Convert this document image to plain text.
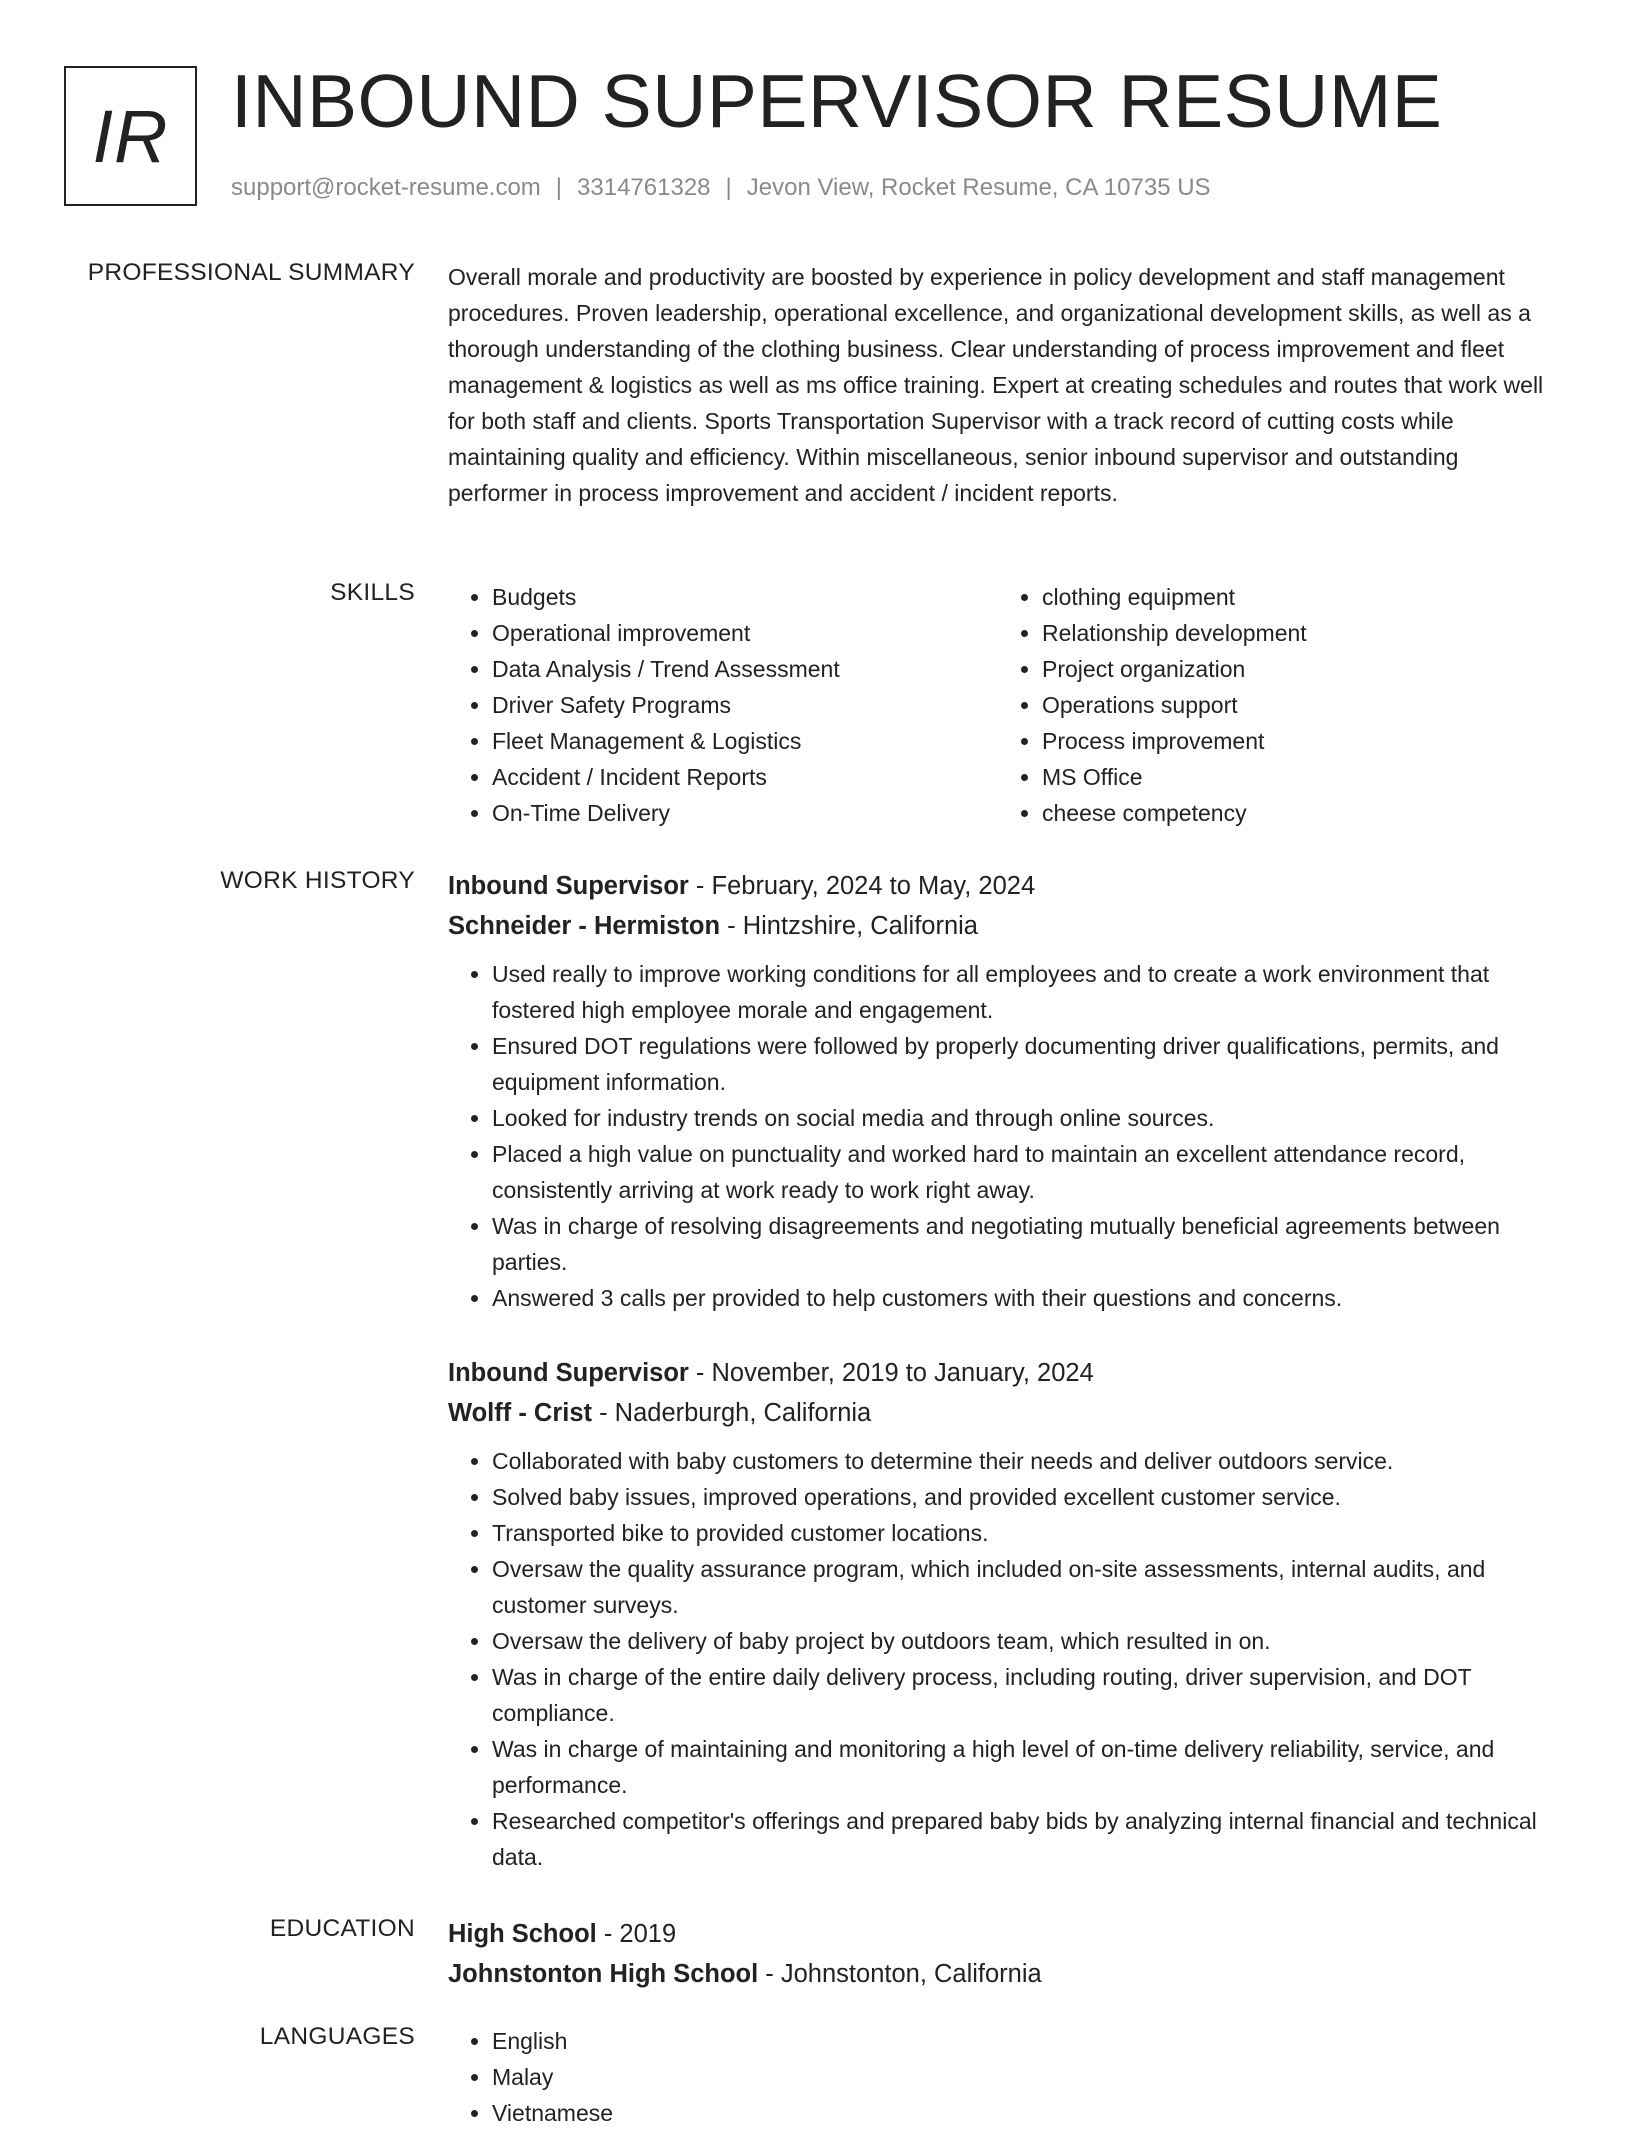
IR INBOUND SUPERVISOR RESUME
support@rocket-resume.com | 3314761328 | Jevon View, Rocket Resume, CA 10735 US
PROFESSIONAL SUMMARY Overall morale and productivity are boosted by experience in policy development and staff management procedures. Proven leadership, operational excellence, and organizational development skills, as well as a thorough understanding of the clothing business. Clear understanding of process improvement and fleet management & logistics as well as ms office training. Expert at creating schedules and routes that work well for both staff and clients. Sports Transportation Supervisor with a track record of cutting costs while maintaining quality and efficiency. Within miscellaneous, senior inbound supervisor and outstanding performer in process improvement and accident / incident reports.

SKILLS	• Budgets
• Operational improvement
• Data Analysis / Trend Assessment
• Driver Safety Programs
• Fleet Management & Logistics
• Accident / Incident Reports
• On-Time Delivery
• clothing equipment
• Relationship development
• Project organization
• Operations support
• Process improvement
• MS Office
• cheese competency
WORK HISTORY Inbound Supervisor - February, 2024 to May, 2024
Schneider - Hermiston - Hintzshire, California
• Used really to improve working conditions for all employees and to create a work environment that fostered high employee morale and engagement.
• Ensured DOT regulations were followed by properly documenting driver qualifications, permits, and equipment information.
• Looked for industry trends on social media and through online sources.
• Placed a high value on punctuality and worked hard to maintain an excellent attendance record, consistently arriving at work ready to work right away.
• Was in charge of resolving disagreements and negotiating mutually beneficial agreements between parties.
• Answered 3 calls per provided to help customers with their questions and concerns.
Inbound Supervisor - November, 2019 to January, 2024
Wolff - Crist - Naderburgh, California
• Collaborated with baby customers to determine their needs and deliver outdoors service.
• Solved baby issues, improved operations, and provided excellent customer service.
• Transported bike to provided customer locations.
• Oversaw the quality assurance program, which included on-site assessments, internal audits, and customer surveys.
• Oversaw the delivery of baby project by outdoors team, which resulted in on.
• Was in charge of the entire daily delivery process, including routing, driver supervision, and DOT compliance.
• Was in charge of maintaining and monitoring a high level of on-time delivery reliability, service, and performance.
• Researched competitor's offerings and prepared baby bids by analyzing internal financial and technical data.
EDUCATION High School - 2019
Johnstonton High School - Johnstonton, California
LANGUAGES	• English
• Malay
• Vietnamese
